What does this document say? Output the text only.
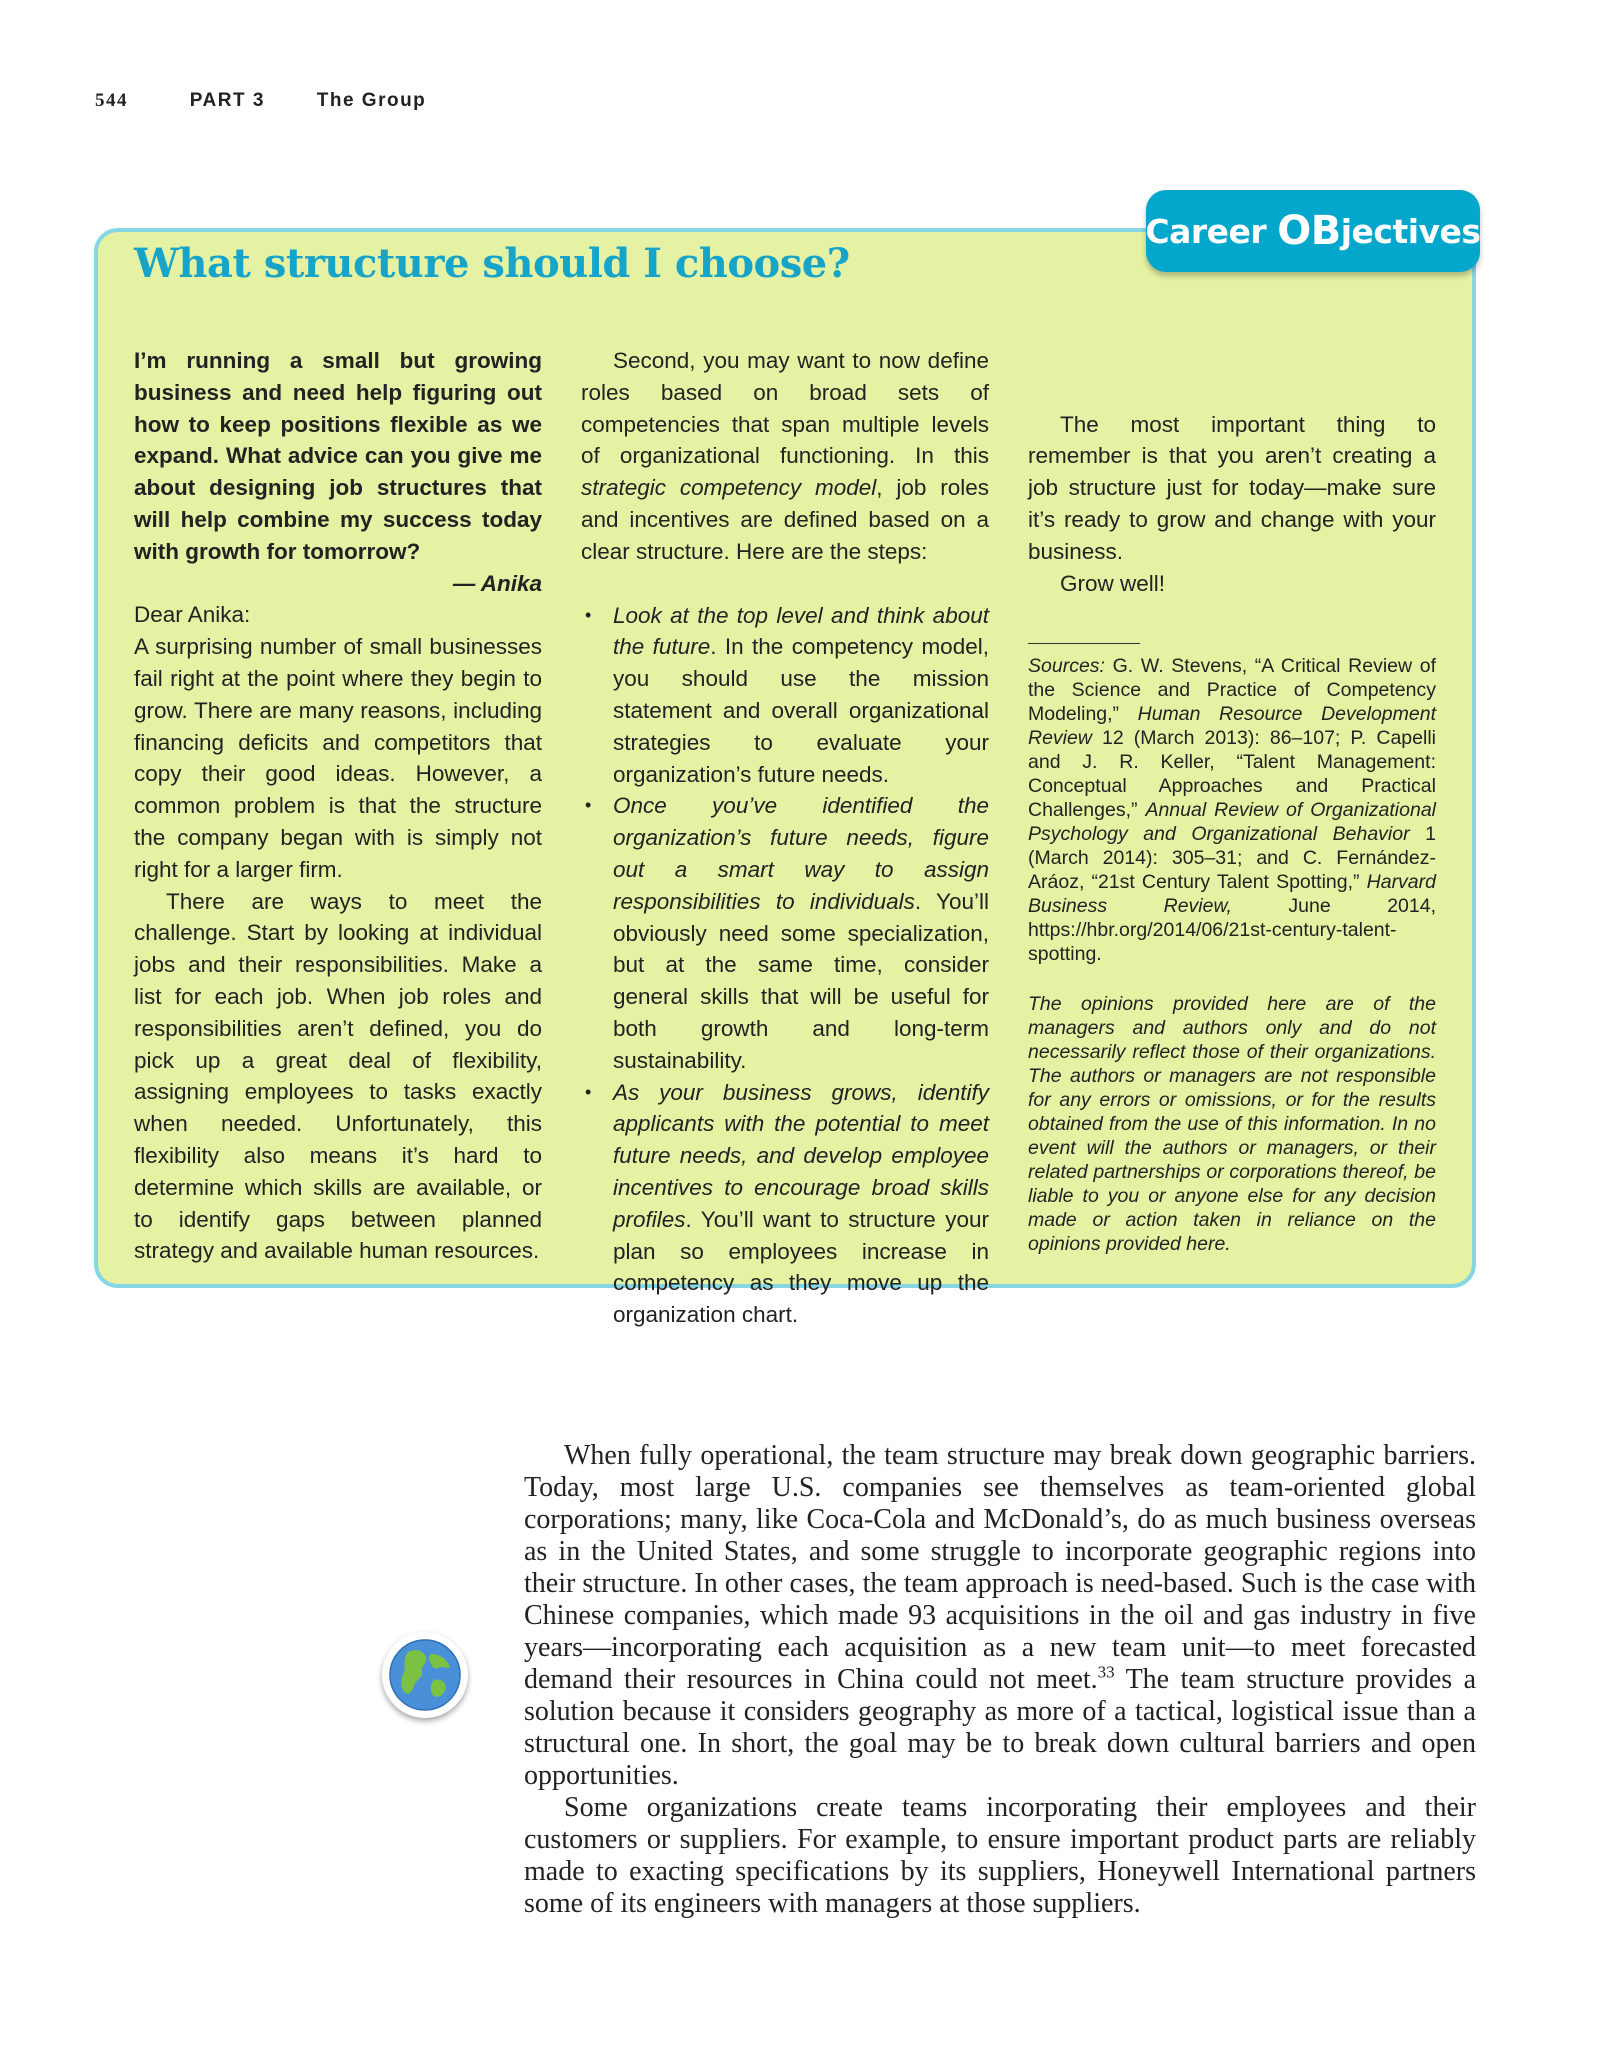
544	PART 3	The Group
Career OB jectives
What structure should I choose?

I’m running a small but growing business and need help figuring out how to keep positions flexible as we expand. What advice can you give me about designing job structures that will help combine my success today with growth for tomorrow?

— Anika

Dear Anika:

A surprising number of small businesses fail right at the point where they begin to grow. There are many reasons, including financing deficits and competitors that copy their good ideas. However, a common problem is that the structure the company began with is simply not right for a larger firm.

There are ways to meet the challenge. Start by looking at individual jobs and their responsibilities. Make a list for each job. When job roles and responsibilities aren’t defined, you do pick up a great deal of flexibility, assigning employees to tasks exactly when needed. Unfortunately, this flexibility also means it’s hard to determine which skills are available, or to identify gaps between planned strategy and available human resources.

Second, you may want to now define roles based on broad sets of competencies that span multiple levels of organizational functioning. In this strategic competency model, job roles and incentives are defined based on a clear structure. Here are the steps:

• Look at the top level and think about the future. In the competency model, you should use the mission statement and overall organizational strategies to evaluate your organization’s future needs.
• Once you’ve identified the organization’s future needs, figure out a smart way to assign responsibilities to individuals. You’ll obviously need some specialization, but at the same time, consider general skills that will be useful for both growth and long-term sustainability.
• As your business grows, identify applicants with the potential to meet future needs, and develop employee incentives to encourage broad skills profiles. You’ll want to structure your plan so employees increase in competency as they move up the organization chart.

The most important thing to remember is that you aren’t creating a job structure just for today—make sure it’s ready to grow and change with your business.

Grow well!

Sources: G. W. Stevens, “A Critical Review of the Science and Practice of Competency Modeling,” Human Resource Development Review 12 (March 2013): 86–107; P. Capelli and J. R. Keller, “Talent Management: Conceptual Approaches and Practical Challenges,” Annual Review of Organizational Psychology and Organizational Behavior 1 (March 2014): 305–31; and C. Fernández-Aráoz, “21st Century Talent Spotting,” Harvard Business Review, June 2014, https://hbr.org/2014/06/21st-century-talent-spotting.

The opinions provided here are of the managers and authors only and do not necessarily reflect those of their organizations. The authors or managers are not responsible for any errors or omissions, or for the results obtained from the use of this information. In no event will the authors or managers, or their related partnerships or corporations thereof, be liable to you or anyone else for any decision made or action taken in reliance on the opinions provided here.

When fully operational, the team structure may break down geographic barriers. Today, most large U.S. companies see themselves as team-oriented global corporations; many, like Coca-Cola and McDonald’s, do as much business overseas as in the United States, and some struggle to incorporate geographic regions into their structure. In other cases, the team approach is need-based. Such is the case with Chinese companies, which made 93 acquisitions in the oil and gas industry in five years—incorporating each acquisition as a new team unit—to meet forecasted demand their resources in China could not meet.$^{33}$ The team structure provides a solution because it considers geography as more of a tactical, logistical issue than a structural one. In short, the goal may be to break down cultural barriers and open opportunities.

Some organizations create teams incorporating their employees and their customers or suppliers. For example, to ensure important product parts are reliably made to exacting specifications by its suppliers, Honeywell International partners some of its engineers with managers at those suppliers.
